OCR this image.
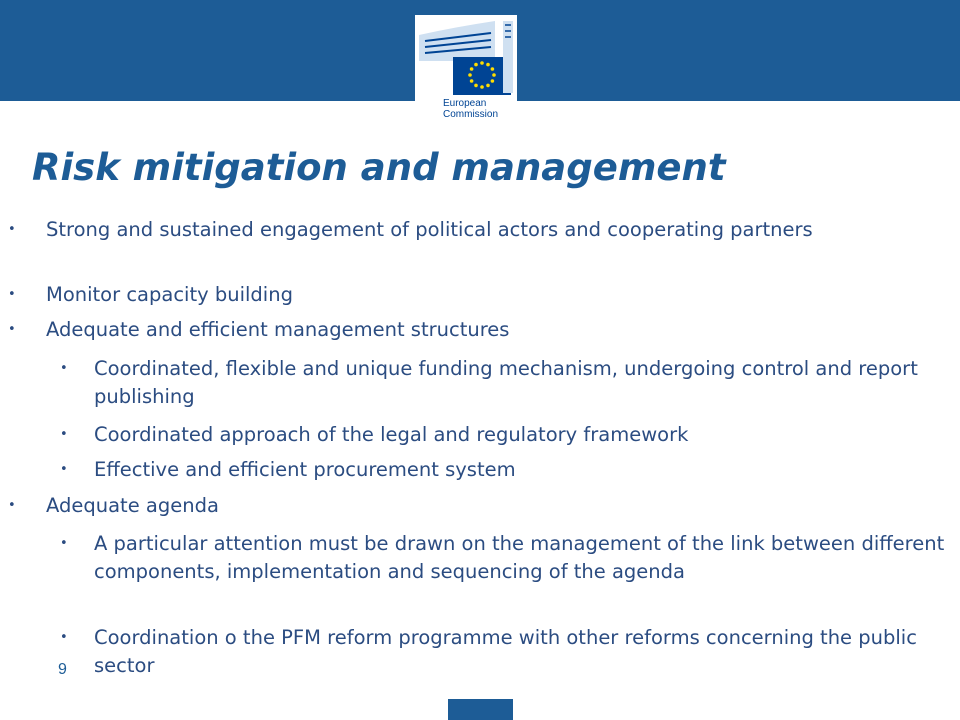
European
Commission
Risk mitigation and management
• Strong and sustained engagement of political actors and cooperating partners
• Monitor capacity building
• Adequate and efficient management structures
• Coordinated, flexible and unique funding mechanism, undergoing control and report publishing
• Coordinated approach of the legal and regulatory framework
• Effective and efficient procurement system
• Adequate agenda
• A particular attention must be drawn on the management of the link between different components, implementation and sequencing of the agenda
• Coordination o the PFM reform programme with other reforms concerning the public sector
9
